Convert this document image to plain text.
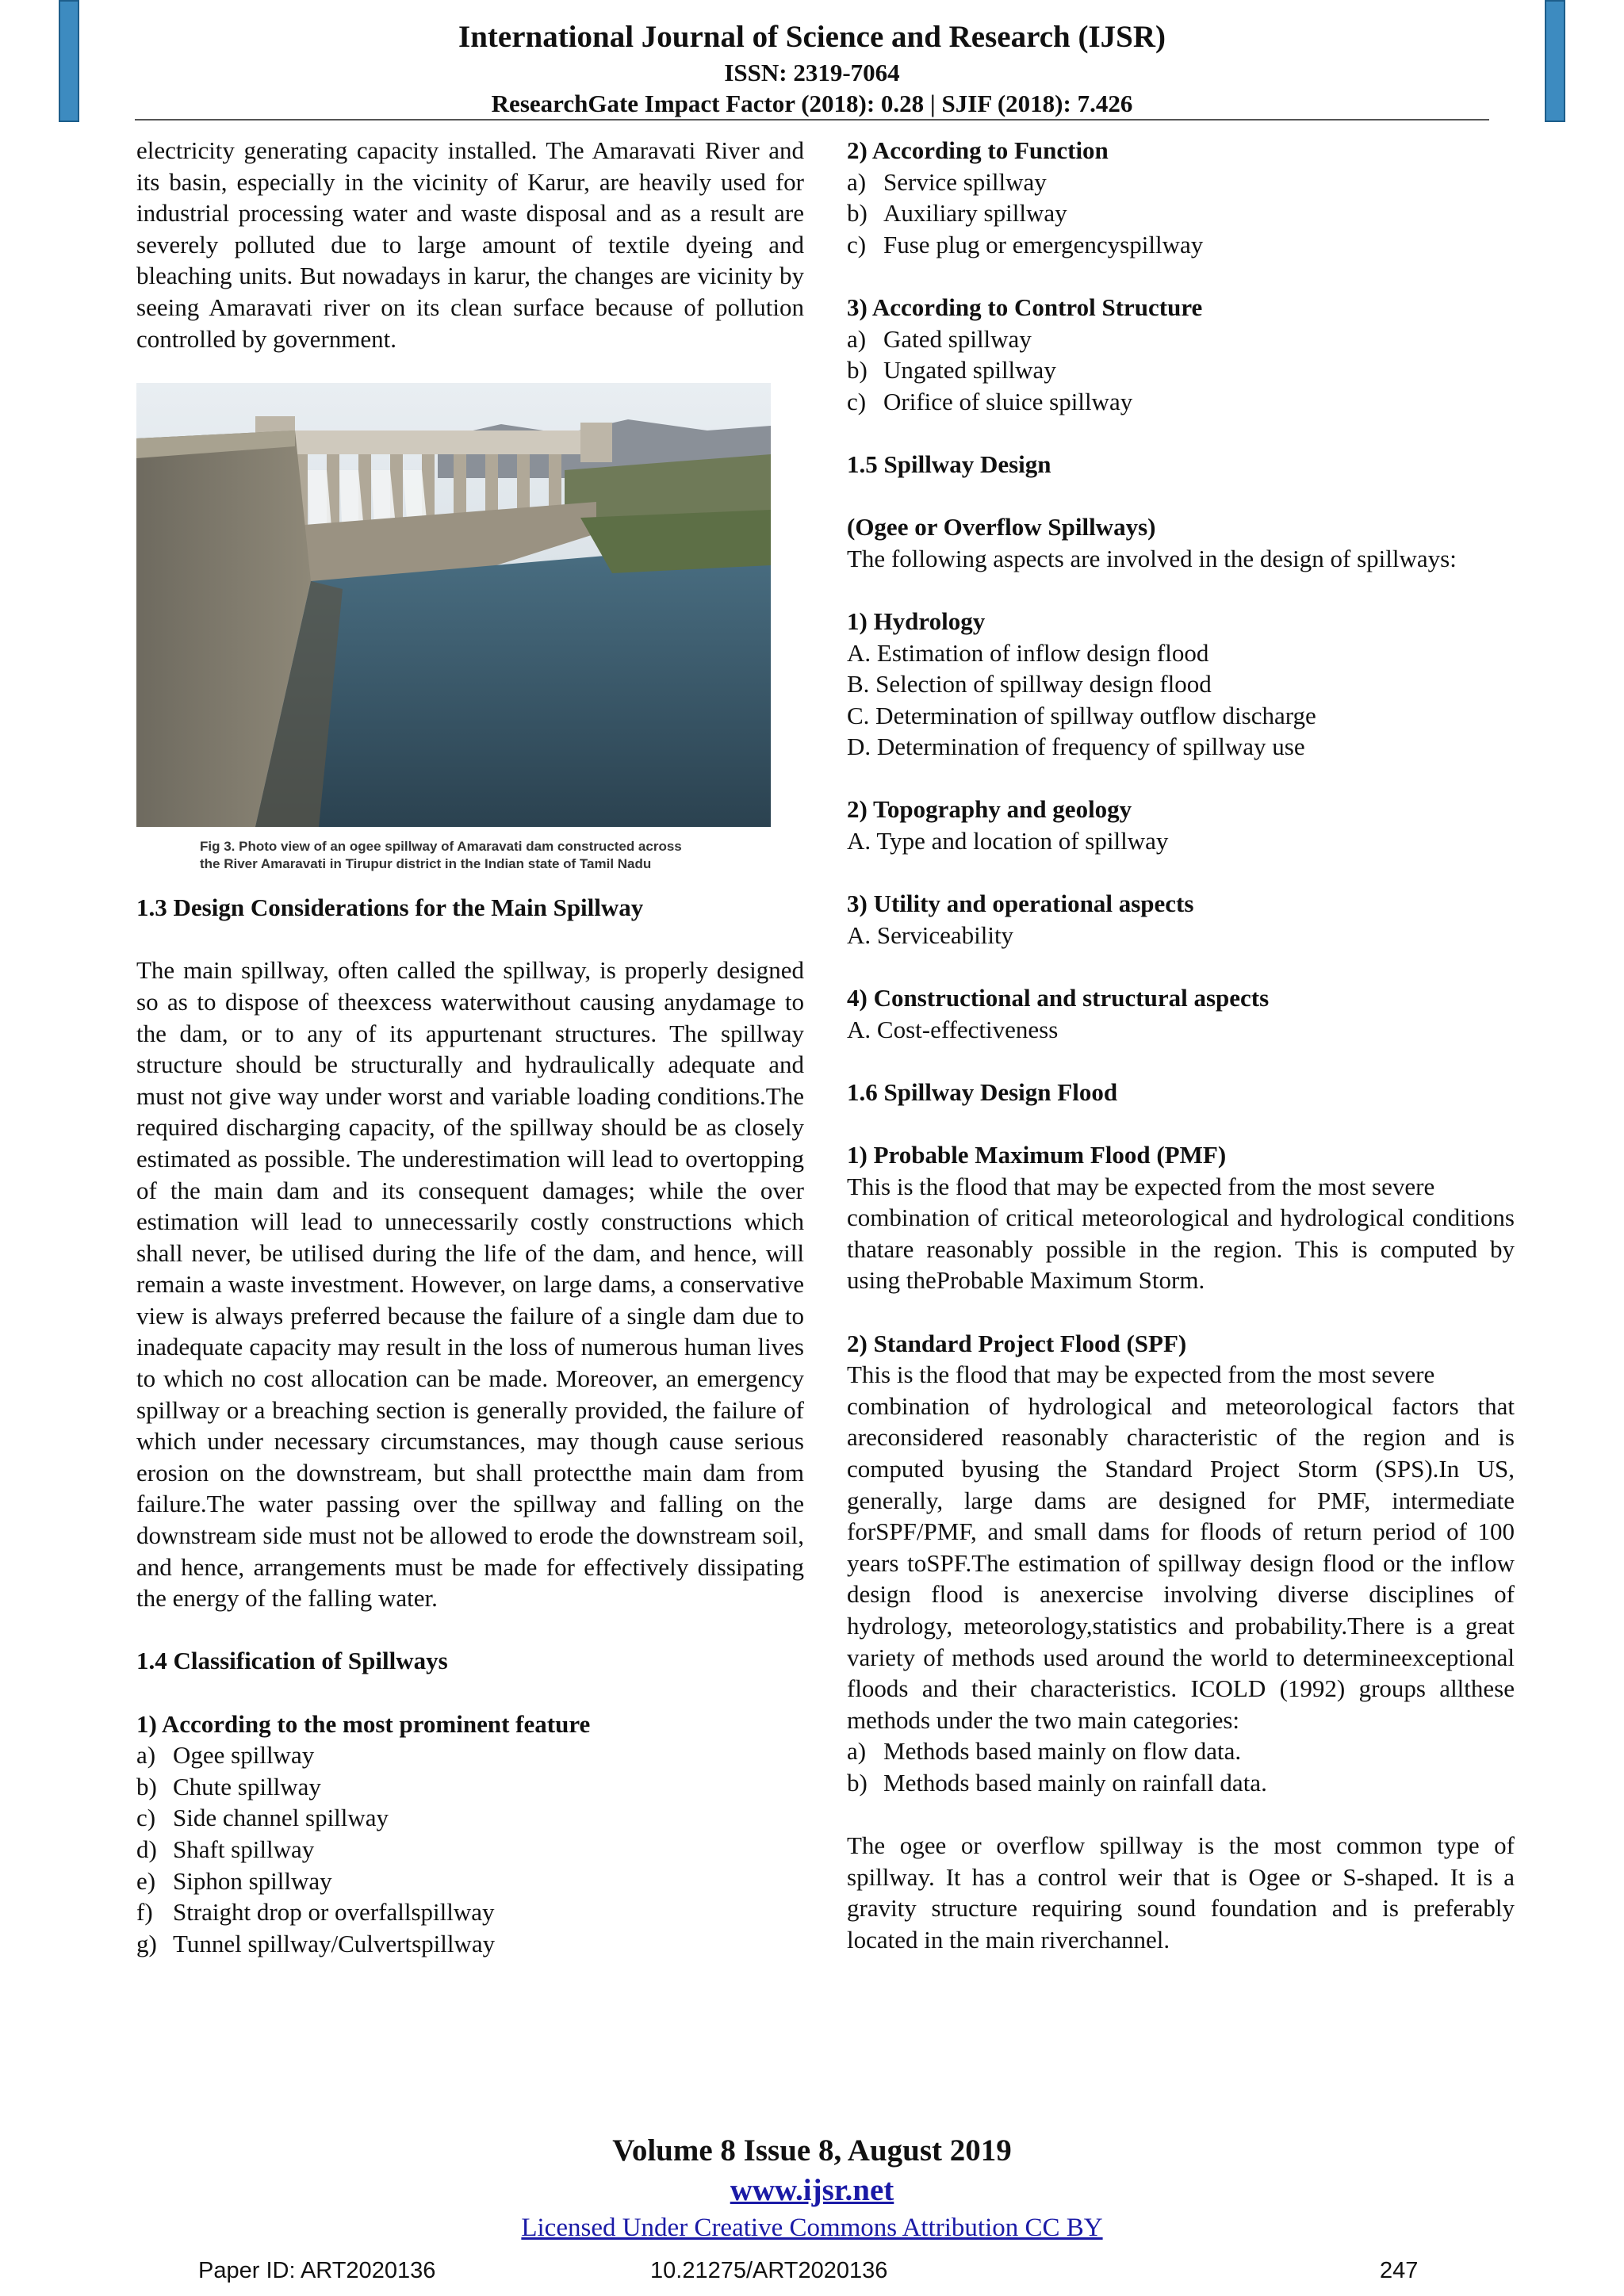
International Journal of Science and Research (IJSR)
ISSN: 2319-7064
ResearchGate Impact Factor (2018): 0.28 | SJIF (2018): 7.426

electricity generating capacity installed. The Amaravati River and its basin, especially in the vicinity of Karur, are heavily used for industrial processing water and waste disposal and as a result are severely polluted due to large amount of textile dyeing and bleaching units. But nowadays in karur, the changes are vicinity by seeing Amaravati river on its clean surface because of pollution controlled by government.

Fig 3. Photo view of an ogee spillway of Amaravati dam constructed across
the River Amaravati in Tirupur district in the Indian state of Tamil Nadu

1.3 Design Considerations for the Main Spillway

The main spillway, often called the spillway, is properly designed so as to dispose of theexcess waterwithout causing anydamage to the dam, or to any of its appurtenant structures. The spillway structure should be structurally and hydraulically adequate and must not give way under worst and variable loading conditions.The required discharging capacity, of the spillway should be as closely estimated as possible. The underestimation will lead to overtopping of the main dam and its consequent damages; while the over estimation will lead to unnecessarily costly constructions which shall never, be utilised during the life of the dam, and hence, will remain a waste investment. However, on large dams, a conservative view is always preferred because the failure of a single dam due to inadequate capacity may result in the loss of numerous human lives to which no cost allocation can be made. Moreover, an emergency spillway or a breaching section is generally provided, the failure of which under necessary circumstances, may though cause serious erosion on the downstream, but shall protectthe main dam from failure.The water passing over the spillway and falling on the downstream side must not be allowed to erode the downstream soil, and hence, arrangements must be made for effectively dissipating the energy of the falling water.

1.4 Classification of Spillways

1) According to the most prominent feature

a) Ogee spillway

b) Chute spillway

c) Side channel spillway

d) Shaft spillway

e) Siphon spillway

f) Straight drop or overfallspillway

g) Tunnel spillway/Culvertspillway

2) According to Function

a) Service spillway

b) Auxiliary spillway

c) Fuse plug or emergencyspillway

3) According to Control Structure

a) Gated spillway

b) Ungated spillway

c) Orifice of sluice spillway

1.5 Spillway Design

(Ogee or Overflow Spillways)

The following aspects are involved in the design of spillways:

1) Hydrology

A. Estimation of inflow design flood

B. Selection of spillway design flood

C. Determination of spillway outflow discharge

D. Determination of frequency of spillway use

2) Topography and geology

A. Type and location of spillway

3) Utility and operational aspects

A. Serviceability

4) Constructional and structural aspects

A. Cost-effectiveness

1.6 Spillway Design Flood

1) Probable Maximum Flood (PMF)

This is the flood that may be expected from the most severe

combination of critical meteorological and hydrological conditions thatare reasonably possible in the region. This is computed by using theProbable Maximum Storm.

2) Standard Project Flood (SPF)

This is the flood that may be expected from the most severe

combination of hydrological and meteorological factors that areconsidered reasonably characteristic of the region and is computed byusing the Standard Project Storm (SPS).In US, generally, large dams are designed for PMF, intermediate forSPF/PMF, and small dams for floods of return period of 100 years toSPF.The estimation of spillway design flood or the inflow design flood is anexercise involving diverse disciplines of hydrology, meteorology,statistics and probability.There is a great variety of methods used around the world to determineexceptional floods and their characteristics. ICOLD (1992) groups allthese methods under the two main categories:

a) Methods based mainly on flow data.

b) Methods based mainly on rainfall data.

The ogee or overflow spillway is the most common type of spillway. It has a control weir that is Ogee or S-shaped. It is a gravity structure requiring sound foundation and is preferably located in the main riverchannel.

Volume 8 Issue 8, August 2019
www.ijsr.net
Licensed Under Creative Commons Attribution CC BY
Paper ID: ART2020136	10.21275/ART2020136	247
